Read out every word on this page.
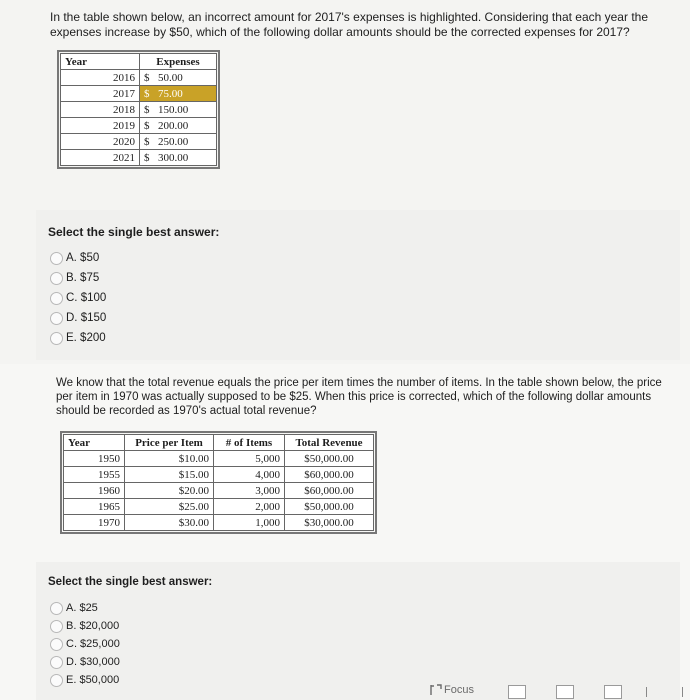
In the table shown below, an incorrect amount for 2017's expenses is highlighted. Considering that each year the expenses increase by $50, which of the following dollar amounts should be the corrected expenses for 2017?
Year	Expenses
2016	$ 50.00
2017	$ 75.00
2018	$ 150.00
2019	$ 200.00
2020	$ 250.00
2021	$ 300.00
Select the single best answer:
A. $50
B. $75
C. $100
D. $150
E. $200
We know that the total revenue equals the price per item times the number of items. In the table shown below, the price per item in 1970 was actually supposed to be $25. When this price is corrected, which of the following dollar amounts should be recorded as 1970's actual total revenue?
Year	Price per Item	# of Items	Total Revenue
1950	$10.00	5,000	$50,000.00
1955	$15.00	4,000	$60,000.00
1960	$20.00	3,000	$60,000.00
1965	$25.00	2,000	$50,000.00
1970	$30.00	1,000	$30,000.00
Select the single best answer:
A. $25
B. $20,000
C. $25,000
D. $30,000
E. $50,000
Focus
